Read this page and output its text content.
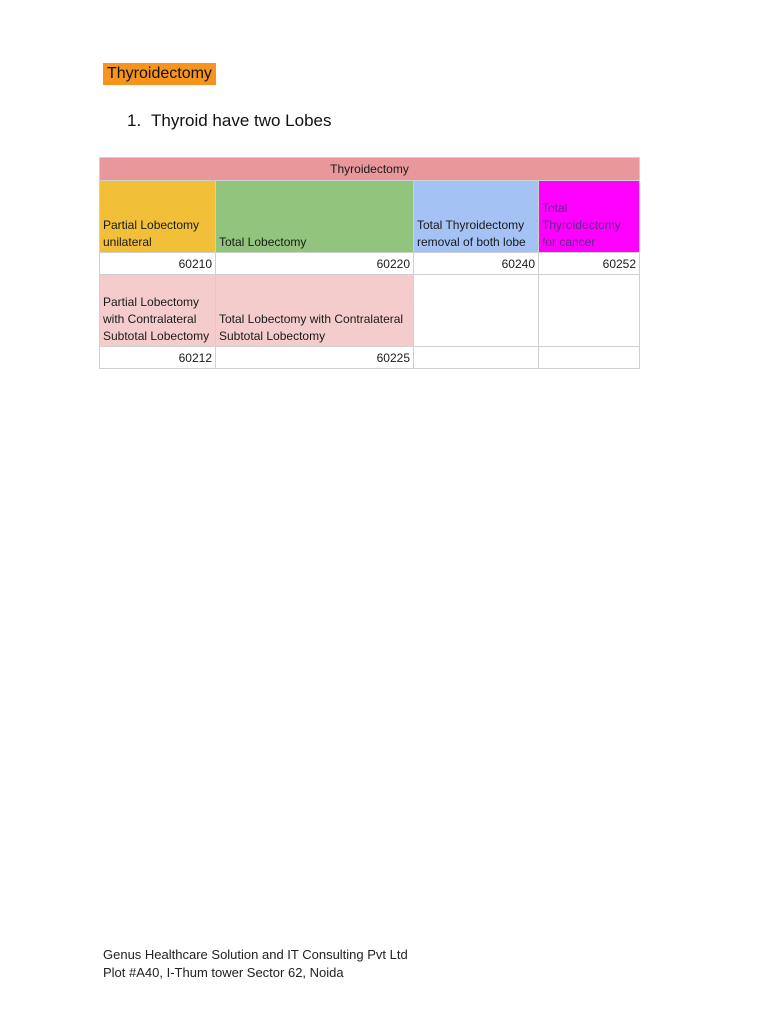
Thyroidectomy
1. Thyroid have two Lobes
Thyroidectomy			
Partial Lobectomy unilateral	Total Lobectomy	Total Thyroidectomy removal of both lobe	Total Thyroidectomy for cancer
60210	60220	60240	60252
Partial Lobectomy with Contralateral Subtotal Lobectomy	Total Lobectomy with Contralateral Subtotal Lobectomy		
60212	60225		
Genus Healthcare Solution and IT Consulting Pvt Ltd
Plot #A40, I-Thum tower Sector 62, Noida
